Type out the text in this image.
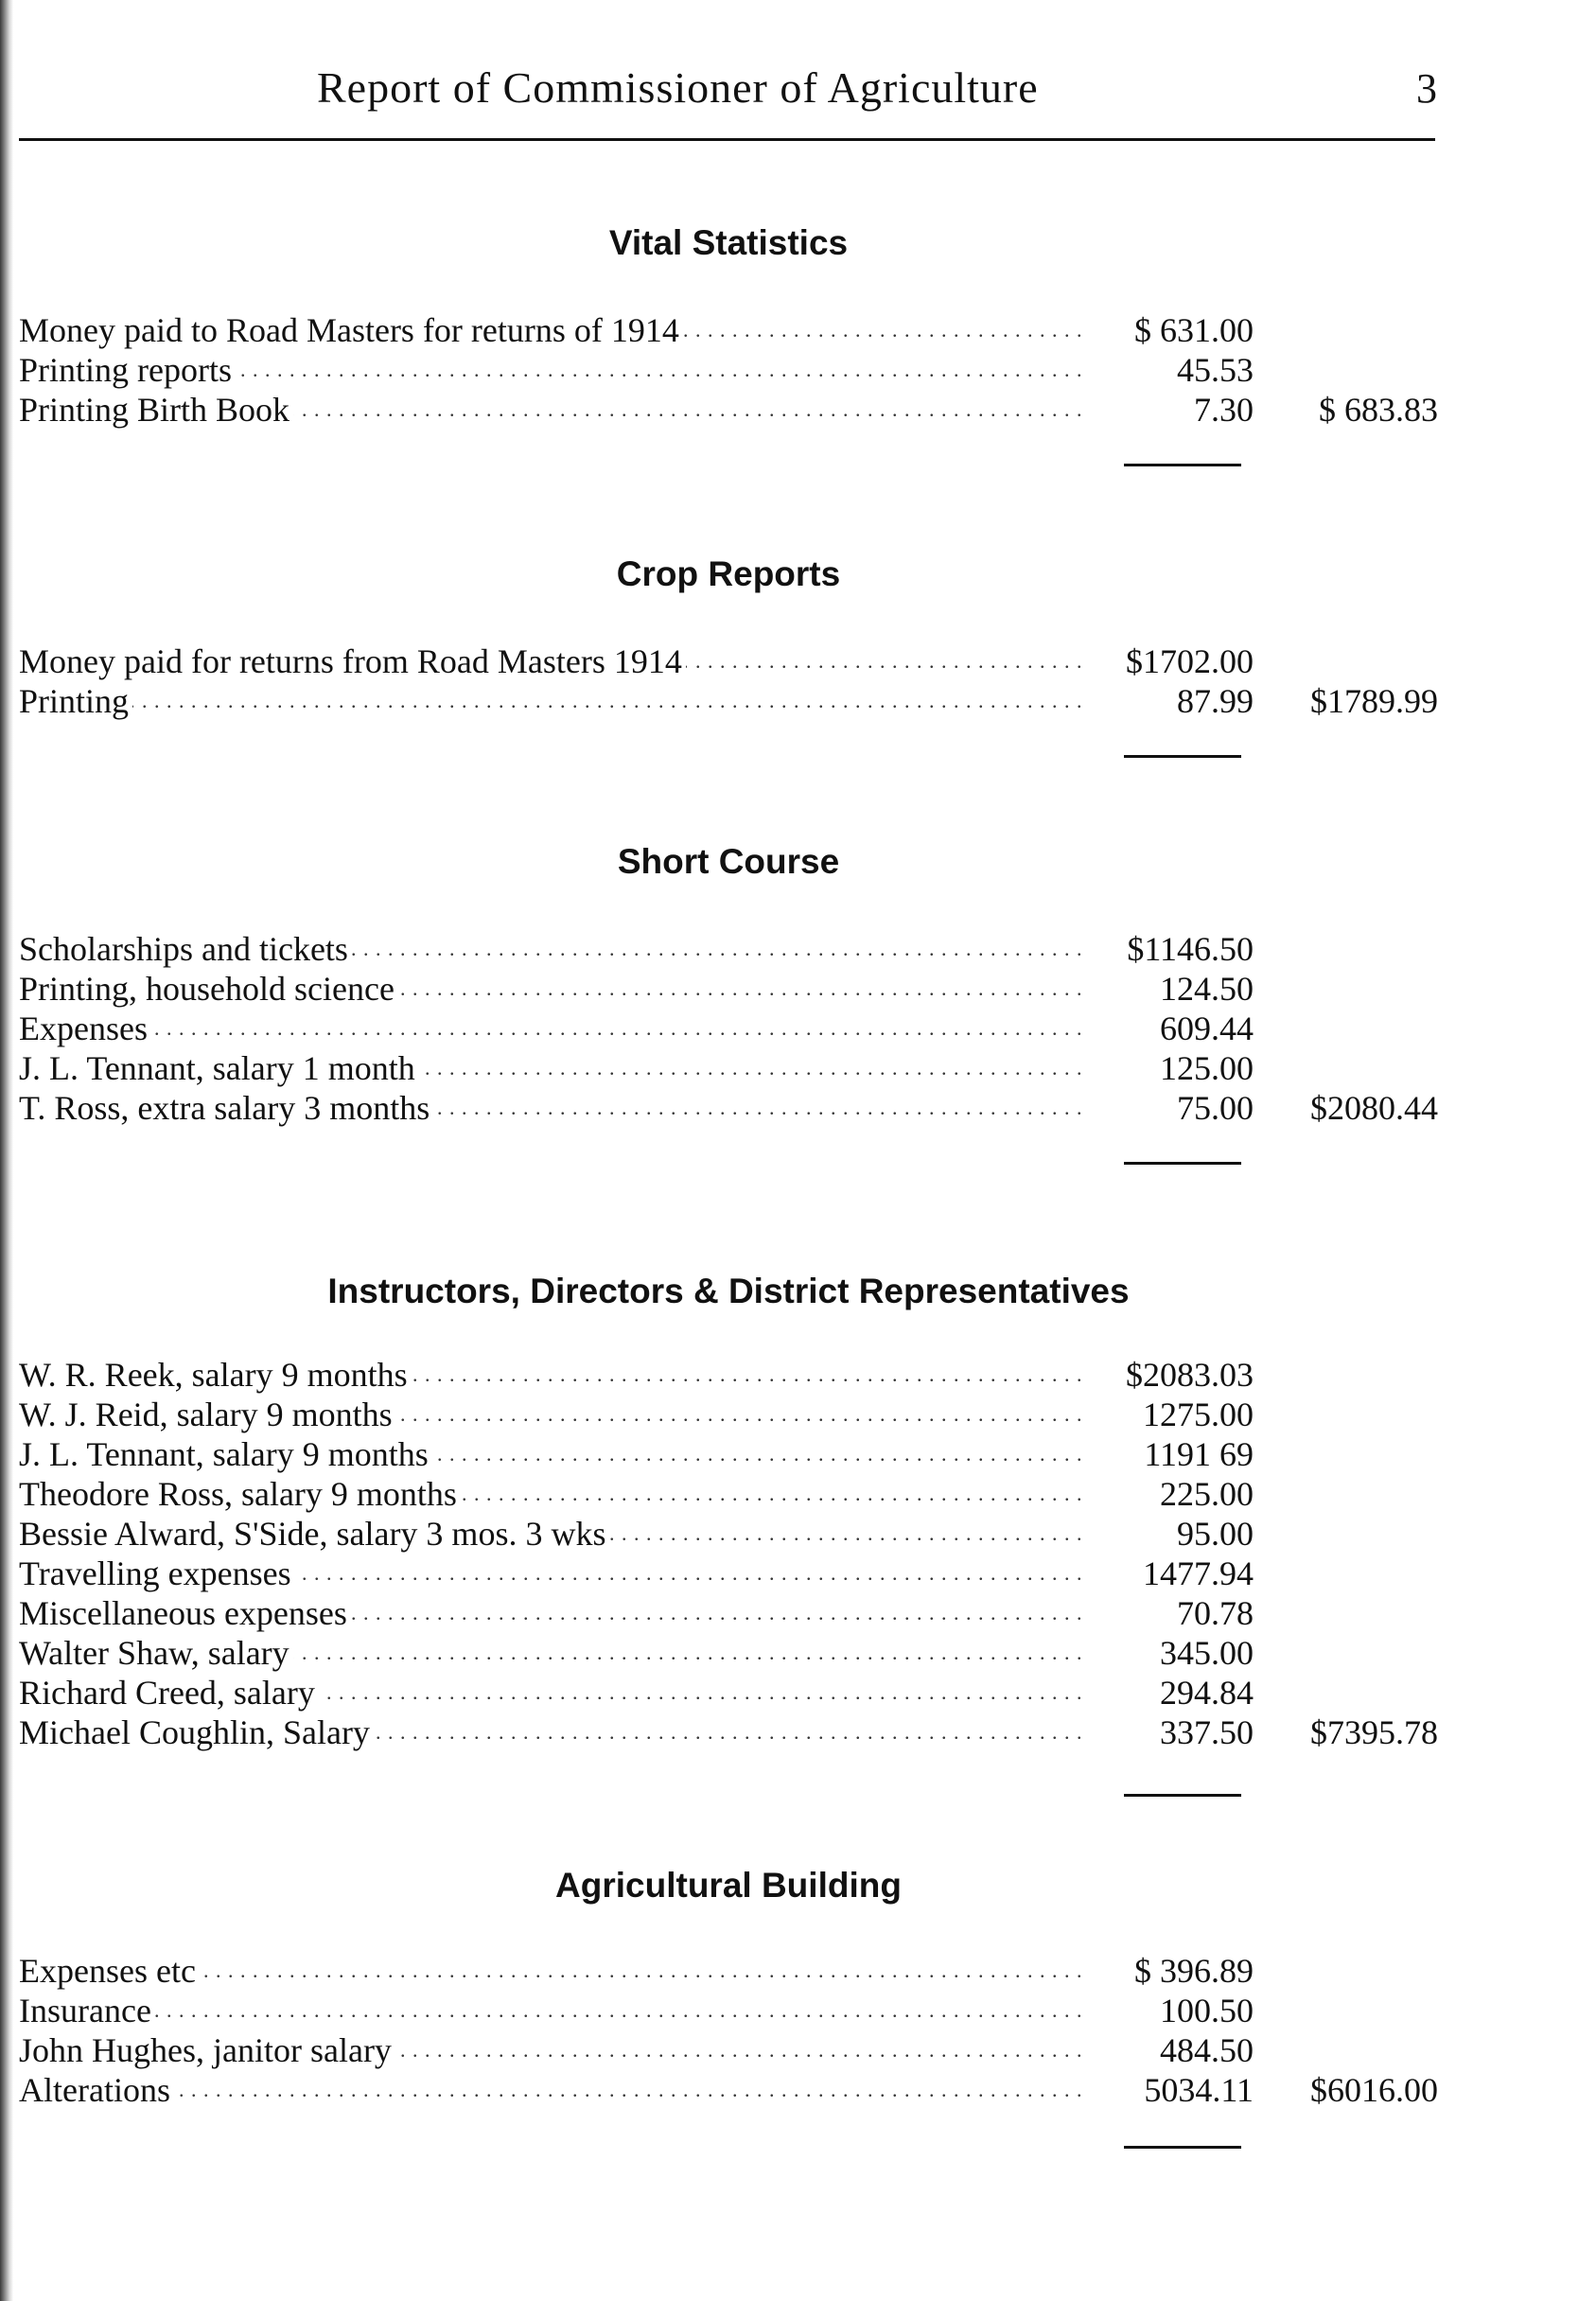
Report of Commissioner of Agriculture	3
Vital Statistics
Money paid to Road Masters for returns of 1914 . . .	$ 631.00
Printing reports . . .	45.53
Printing Birth Book . . .	7.30	$ 683.83
Crop Reports
Money paid for returns from Road Masters 1914 . . .	$1702.00
Printing . . .	87.99	$1789.99
Short Course
Scholarships and tickets . . .	$1146.50
Printing, household science . . .	124.50
Expenses . . .	609.44
J. L. Tennant, salary 1 month . . .	125.00
T. Ross, extra salary 3 months . . .	75.00	$2080.44
Instructors, Directors & District Representatives
W. R. Reek, salary 9 months . . .	$2083.03
W. J. Reid, salary 9 months . . .	1275.00
J. L. Tennant, salary 9 months . . .	1191 69
Theodore Ross, salary 9 months . . .	225.00
Bessie Alward, S'Side, salary 3 mos. 3 wks . . .	95.00
Travelling expenses . . .	1477.94
Miscellaneous expenses . . .	70.78
Walter Shaw, salary . . .	345.00
Richard Creed, salary . . .	294.84
Michael Coughlin, Salary . . .	337.50	$7395.78
Agricultural Building
Expenses etc . . .	$ 396.89
Insurance . . .	100.50
John Hughes, janitor salary . . .	484.50
Alterations . . .	5034.11	$6016.00
